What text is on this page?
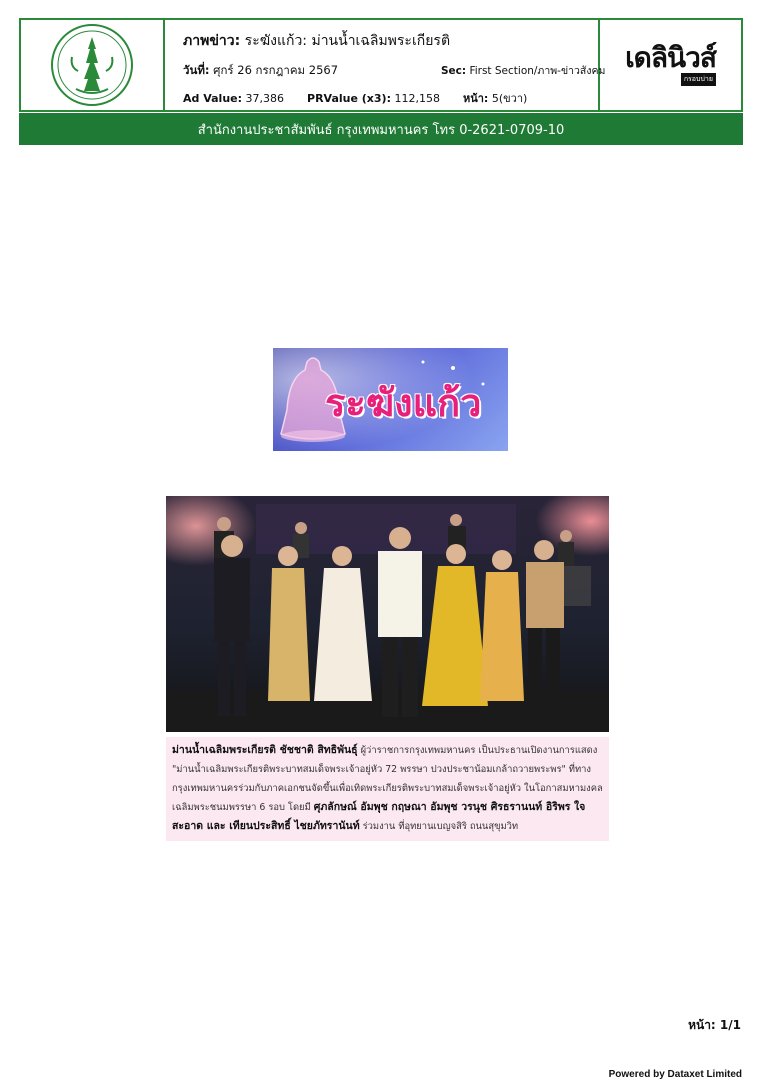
ภาพข่าว: ระฆังแก้ว: ม่านน้ำเฉลิมพระเกียรติ
วันที่: ศุกร์ 26 กรกฎาคม 2567	Sec: First Section/ภาพ-ข่าวสังคม
Ad Value: 37,386 PRValue (x3): 112,158 หน้า: 5(ขวา)
เดลินิวส์
กรอบบ่าย
สำนักงานประชาสัมพันธ์ กรุงเทพมหานคร โทร 0-2621-0709-10
ระฆังแก้ว
ม่านน้ำเฉลิมพระเกียรติ ชัชชาติ สิทธิพันธุ์ ผู้ว่าราชการกรุงเทพมหานคร เป็นประธานเปิดงานการแสดง "ม่านน้ำเฉลิมพระเกียรติพระบาทสมเด็จพระเจ้าอยู่หัว 72 พรรษา ปวงประชาน้อมเกล้าถวายพระพร" ที่ทางกรุงเทพมหานครร่วมกับภาคเอกชนจัดขึ้นเพื่อเทิดพระเกียรติพระบาทสมเด็จพระเจ้าอยู่หัว ในโอกาสมหามงคลเฉลิมพระชนมพรรษา 6 รอบ โดยมี ศุภลักษณ์ อัมพุช กฤษณา อัมพุช วรนุช ศิรธรานนท์ อิริพร ใจสะอาด และ เทียนประสิทธิ์ ไชยภัทรานันท์ ร่วมงาน ที่อุทยานเบญจสิริ ถนนสุขุมวิท
หน้า: 1/1
Powered by Dataxet Limited
